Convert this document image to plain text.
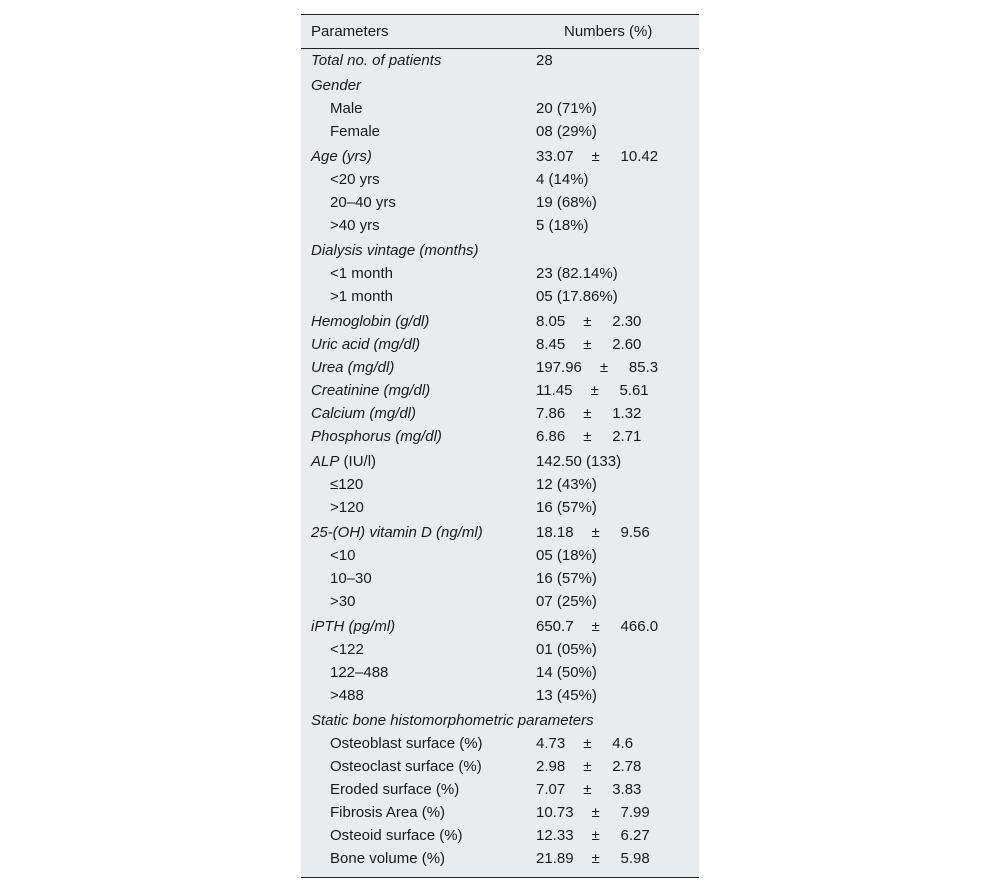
Parameters	Numbers (%)
Total no. of patients	28
Gender
Male	20 (71%)
Female	08 (29%)
Age (yrs)	33.07 ± 10.42
<20 yrs	4 (14%)
20–40 yrs	19 (68%)
>40 yrs	5 (18%)
Dialysis vintage (months)
<1 month	23 (82.14%)
>1 month	05 (17.86%)
Hemoglobin (g/dl)	8.05 ± 2.30
Uric acid (mg/dl)	8.45 ± 2.60
Urea (mg/dl)	197.96 ± 85.3
Creatinine (mg/dl)	11.45 ± 5.61
Calcium (mg/dl)	7.86 ± 1.32
Phosphorus (mg/dl)	6.86 ± 2.71
ALP (IU/l)	142.50 (133)
≤120	12 (43%)
>120	16 (57%)
25-(OH) vitamin D (ng/ml)	18.18 ± 9.56
<10	05 (18%)
10–30	16 (57%)
>30	07 (25%)
iPTH (pg/ml)	650.7 ± 466.0
<122	01 (05%)
122–488	14 (50%)
>488	13 (45%)
Static bone histomorphometric parameters
Osteoblast surface (%)	4.73 ± 4.6
Osteoclast surface (%)	2.98 ± 2.78
Eroded surface (%)	7.07 ± 3.83
Fibrosis Area (%)	10.73 ± 7.99
Osteoid surface (%)	12.33 ± 6.27
Bone volume (%)	21.89 ± 5.98
